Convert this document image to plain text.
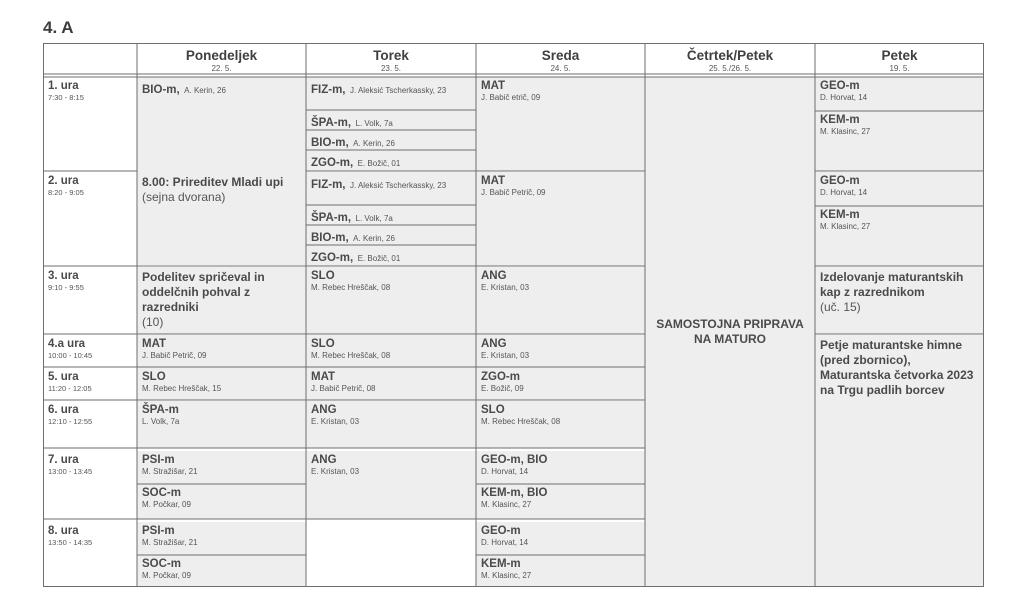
4. A
Ponedeljek
22. 5.
Torek
23. 5.
Sreda
24. 5.
Četrtek/Petek
25. 5./26. 5.
Petek
19. 5.
1. ura
7:30 - 8:15
2. ura
8:20 - 9:05
3. ura
9:10 - 9:55
4.a ura
10:00 - 10:45
5. ura
11:20 - 12:05
6. ura
12:10 - 12:55
7. ura
13:00 - 13:45
8. ura
13:50 - 14:35
BIO-m, A. Kerin, 26
8.00: Prireditev Mladi upi
(sejna dvorana)
Podelitev spričeval in oddelčnih pohval z razredniki
(10)
MAT
J. Babič Petrič, 09
SLO
M. Rebec Hreščak, 15
ŠPA-m
L. Volk, 7a
PSI-m
M. Stražišar, 21
SOC-m
M. Počkar, 09
PSI-m
M. Stražišar, 21
SOC-m
M. Počkar, 09
FIZ-m, J. Aleksić Tscherkassky, 23
ŠPA-m, L. Volk, 7a
BIO-m, A. Kerin, 26
ZGO-m, E. Božič, 01
FIZ-m, J. Aleksić Tscherkassky, 23
ŠPA-m, L. Volk, 7a
BIO-m, A. Kerin, 26
ZGO-m, E. Božič, 01
SLO
M. Rebec Hreščak, 08
SLO
M. Rebec Hreščak, 08
MAT
J. Babič Petrič, 08
ANG
E. Kristan, 03
ANG
E. Kristan, 03
MAT
J. Babič etrič, 09
MAT
J. Babič Petrič, 09
ANG
E. Kristan, 03
ANG
E. Kristan, 03
ZGO-m
E. Božič, 09
SLO
M. Rebec Hreščak, 08
GEO-m, BIO
D. Horvat, 14
KEM-m, BIO
M. Klasinc, 27
GEO-m
D. Horvat, 14
KEM-m
M. Klasinc, 27
SAMOSTOJNA PRIPRAVA NA MATURO
GEO-m
D. Horvat, 14
KEM-m
M. Klasinc, 27
GEO-m
D. Horvat, 14
KEM-m
M. Klasinc, 27
Izdelovanje maturantskih kap z razrednikom
(uč. 15)
Petje maturantske himne (pred zbornico), Maturantska četvorka 2023 na Trgu padlih borcev
